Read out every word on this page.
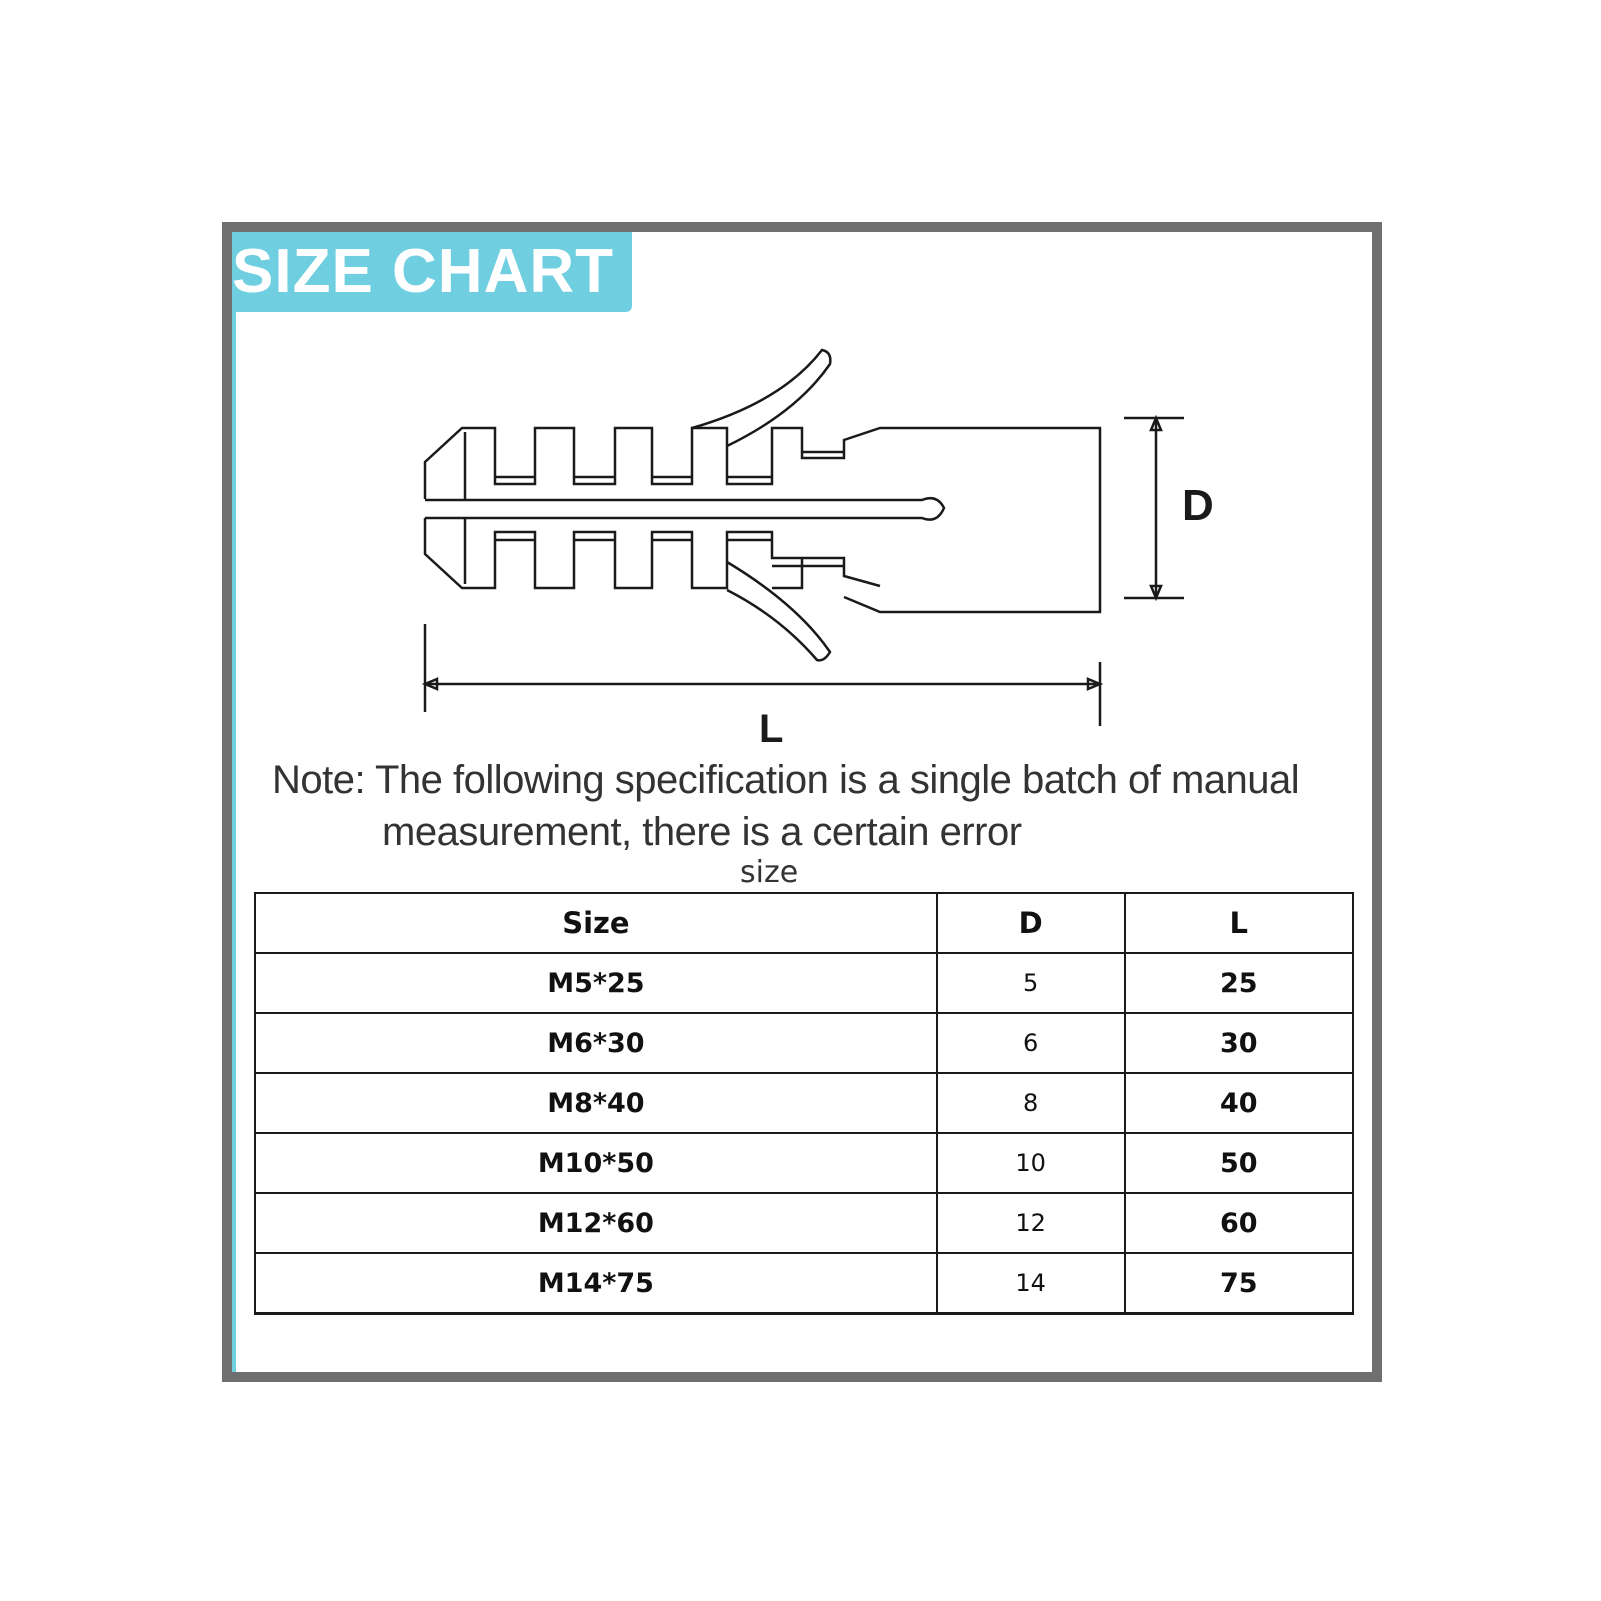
SIZE CHART
D
L
Note: The following specification is a single batch of manual
measurement, there is a certain error
size
Size	D	L
M5*25	5	25
M6*30	6	30
M8*40	8	40
M10*50	10	50
M12*60	12	60
M14*75	14	75
